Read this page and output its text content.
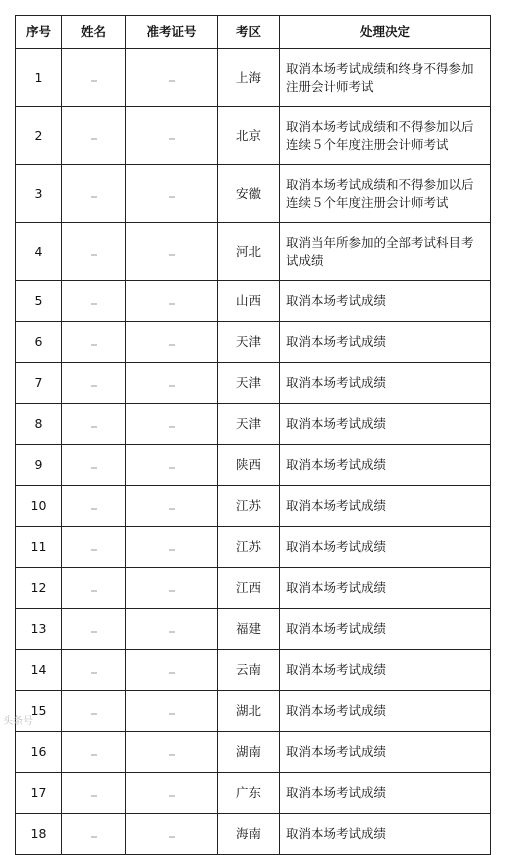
序号	姓名	准考证号	考区	处理决定
1			上海	取消本场考试成绩和终身不得参加注册会计师考试
2			北京	取消本场考试成绩和不得参加以后连续５个年度注册会计师考试
3			安徽	取消本场考试成绩和不得参加以后连续５个年度注册会计师考试
4			河北	取消当年所参加的全部考试科目考试成绩
5			山西	取消本场考试成绩
6			天津	取消本场考试成绩
7			天津	取消本场考试成绩
8			天津	取消本场考试成绩
9			陕西	取消本场考试成绩
10			江苏	取消本场考试成绩
11			江苏	取消本场考试成绩
12			江西	取消本场考试成绩
13			福建	取消本场考试成绩
14			云南	取消本场考试成绩
15			湖北	取消本场考试成绩
16			湖南	取消本场考试成绩
17			广东	取消本场考试成绩
18			海南	取消本场考试成绩
头条号
